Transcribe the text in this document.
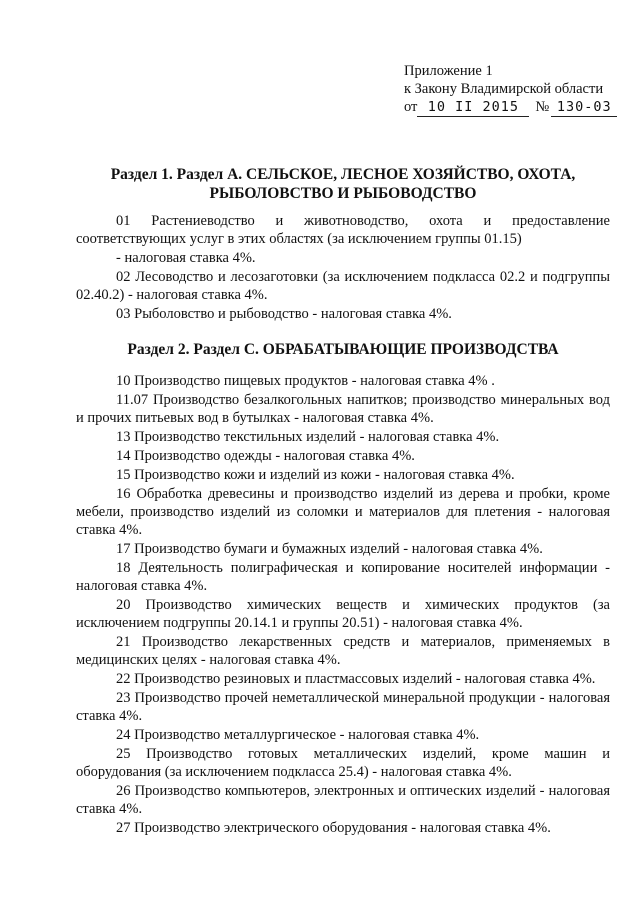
Приложение 1
к Закону Владимирской области
от 10 II 2015 № 130-03
Раздел 1. Раздел А. СЕЛЬСКОЕ, ЛЕСНОЕ ХОЗЯЙСТВО, ОХОТА, РЫБОЛОВСТВО И РЫБОВОДСТВО

01 Растениеводство и животноводство, охота и предоставление соответствующих услуг в этих областях (за исключением группы 01.15)

- налоговая ставка 4%.

02 Лесоводство и лесозаготовки (за исключением подкласса 02.2 и подгруппы 02.40.2) - налоговая ставка 4%.

03 Рыболовство и рыбоводство - налоговая ставка 4%.

Раздел 2. Раздел С. ОБРАБАТЫВАЮЩИЕ ПРОИЗВОДСТВА

10 Производство пищевых продуктов - налоговая ставка 4% .

11.07 Производство безалкогольных напитков; производство минеральных вод и прочих питьевых вод в бутылках - налоговая ставка 4%.

13 Производство текстильных изделий - налоговая ставка 4%.

14 Производство одежды - налоговая ставка 4%.

15 Производство кожи и изделий из кожи - налоговая ставка 4%.

16 Обработка древесины и производство изделий из дерева и пробки, кроме мебели, производство изделий из соломки и материалов для плетения - налоговая ставка 4%.

17 Производство бумаги и бумажных изделий - налоговая ставка 4%.

18 Деятельность полиграфическая и копирование носителей информации - налоговая ставка 4%.

20 Производство химических веществ и химических продуктов (за исключением подгруппы 20.14.1 и группы 20.51) - налоговая ставка 4%.

21 Производство лекарственных средств и материалов, применяемых в медицинских целях - налоговая ставка 4%.

22 Производство резиновых и пластмассовых изделий - налоговая ставка 4%.

23 Производство прочей неметаллической минеральной продукции - налоговая ставка 4%.

24 Производство металлургическое - налоговая ставка 4%.

25 Производство готовых металлических изделий, кроме машин и оборудования (за исключением подкласса 25.4) - налоговая ставка 4%.

26 Производство компьютеров, электронных и оптических изделий - налоговая ставка 4%.

27 Производство электрического оборудования - налоговая ставка 4%.
